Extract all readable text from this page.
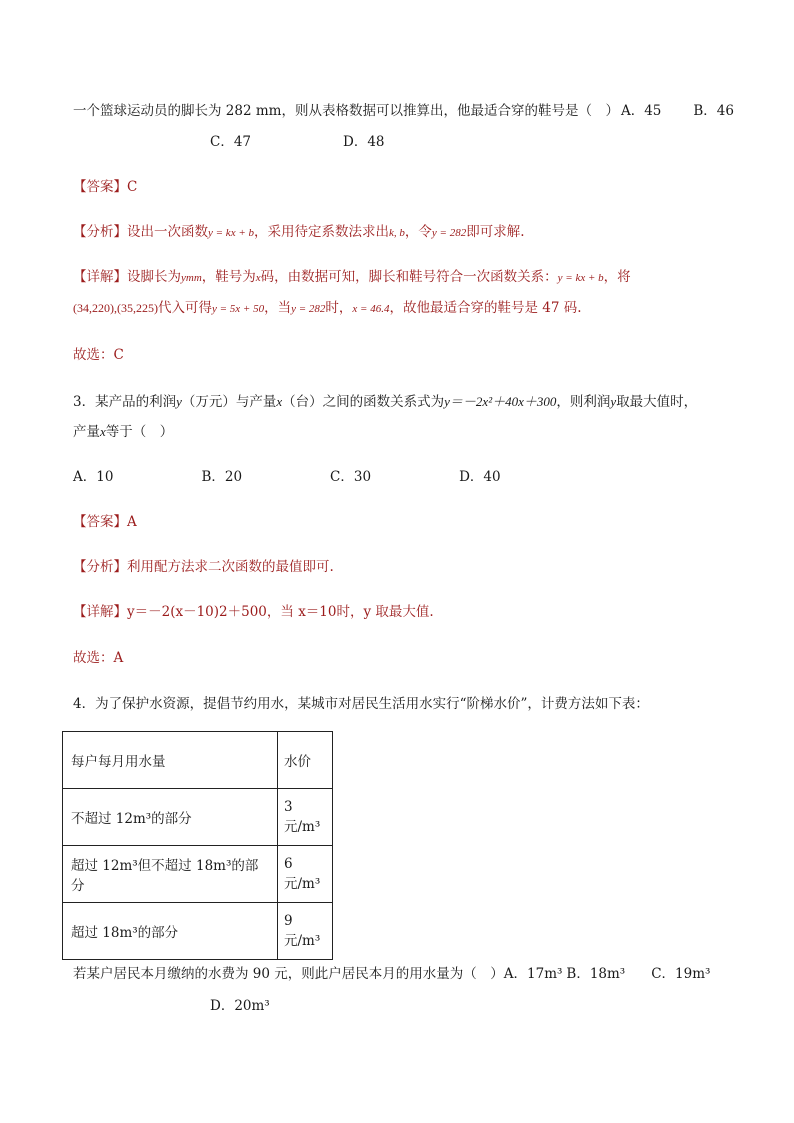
一个篮球运动员的脚长为 282 mm，则从表格数据可以推算出，他最适合穿的鞋号是（　） A．45 B．46
C．47	D．48
【答案】C
【分析】设出一次函数y = kx + b，采用待定系数法求出k, b，令y = 282即可求解.
【详解】设脚长为ymm，鞋号为x码，由数据可知，脚长和鞋号符合一次函数关系：y = kx + b，将
(34,220),(35,225)代入可得y = 5x + 50，当y = 282时，x = 46.4，故他最适合穿的鞋号是 47 码.
故选：C
3．某产品的利润y（万元）与产量x（台）之间的函数关系式为y＝－2x²＋40x＋300，则利润y取最大值时，
产量x等于（　）
A．10	B．20	C．30	D．40
【答案】A
【分析】利用配方法求二次函数的最值即可.
【详解】y＝－2(x－10)2＋500，当 x＝10时，y 取最大值.
故选：A
4．为了保护水资源，提倡节约用水，某城市对居民生活用水实行“阶梯水价”，计费方法如下表：
每户每月用水量	水价
不超过 12m³的部分	3 元/m³
超过 12m³但不超过 18m³的部分	6 元/m³
超过 18m³的部分	9 元/m³
若某户居民本月缴纳的水费为 90 元，则此户居民本月的用水量为（　）A．17m³ B．18m³ C．19m³
D．20m³
